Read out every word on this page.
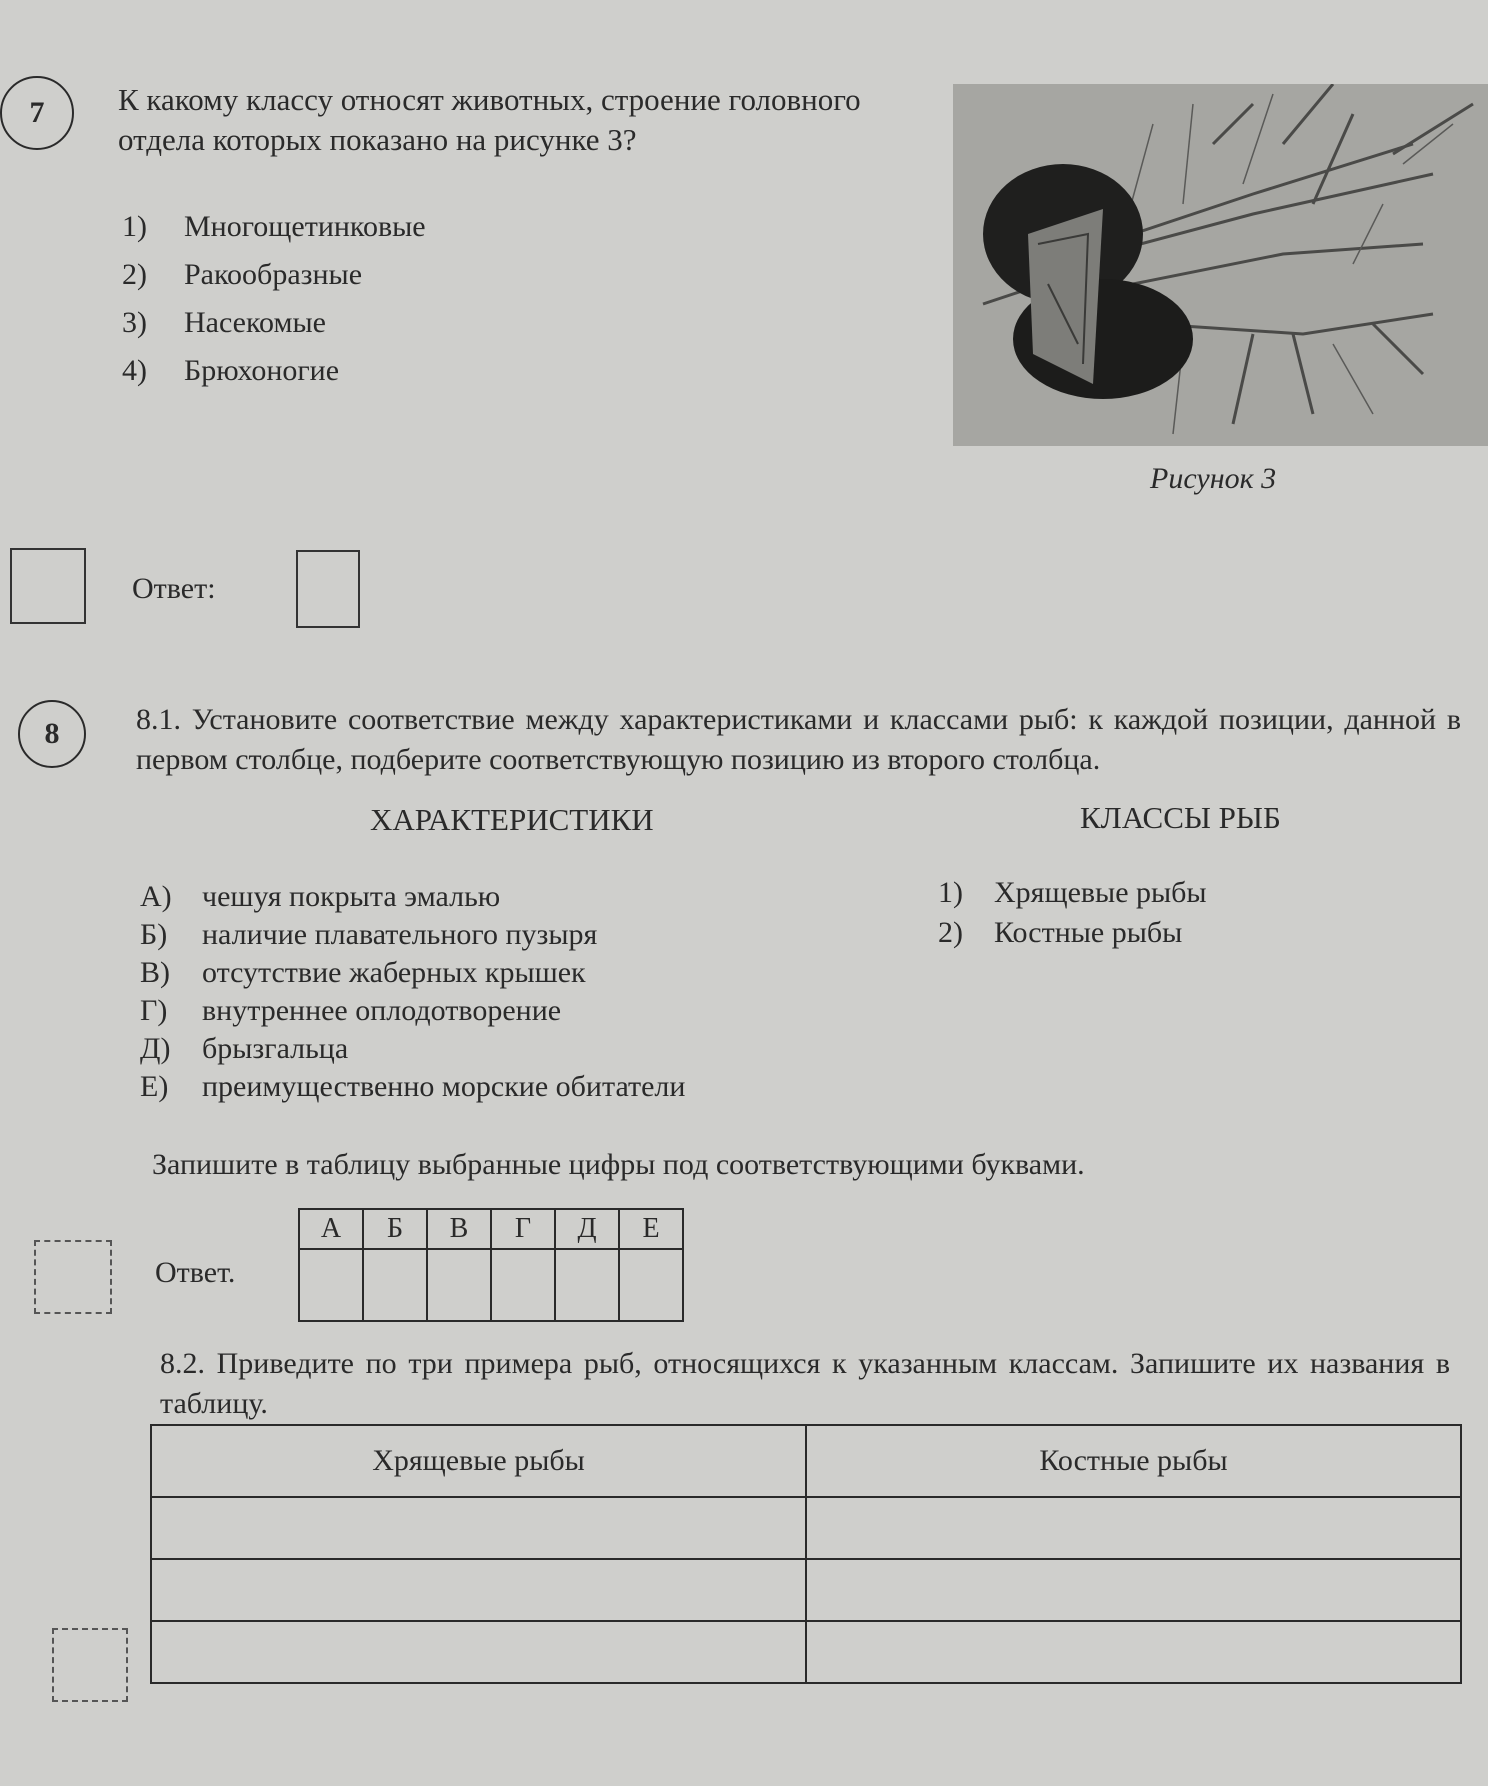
7	К какому классу относят животных, строение головного отдела которых показано на рисунке 3?
1) Многощетинковые
2) Ракообразные
3) Насекомые
4) Брюхоногие
Рисунок 3
Ответ:
8	8.1. Установите соответствие между характеристиками и классами рыб: к каждой позиции, данной в первом столбце, подберите соответствующую позицию из второго столбца.
ХАРАКТЕРИСТИКИ	КЛАССЫ РЫБ
А) чешуя покрыта эмалью
Б) наличие плавательного пузыря
В) отсутствие жаберных крышек
Г) внутреннее оплодотворение
Д) брызгальца
Е) преимущественно морские обитатели
1) Хрящевые рыбы
2) Костные рыбы
Запишите в таблицу выбранные цифры под соответствующими буквами.
Ответ.
А	Б	В	Г	Д	Е

8.2. Приведите по три примера рыб, относящихся к указанным классам. Запишите их названия в таблицу.
Хрящевые рыбы	Костные рыбы
